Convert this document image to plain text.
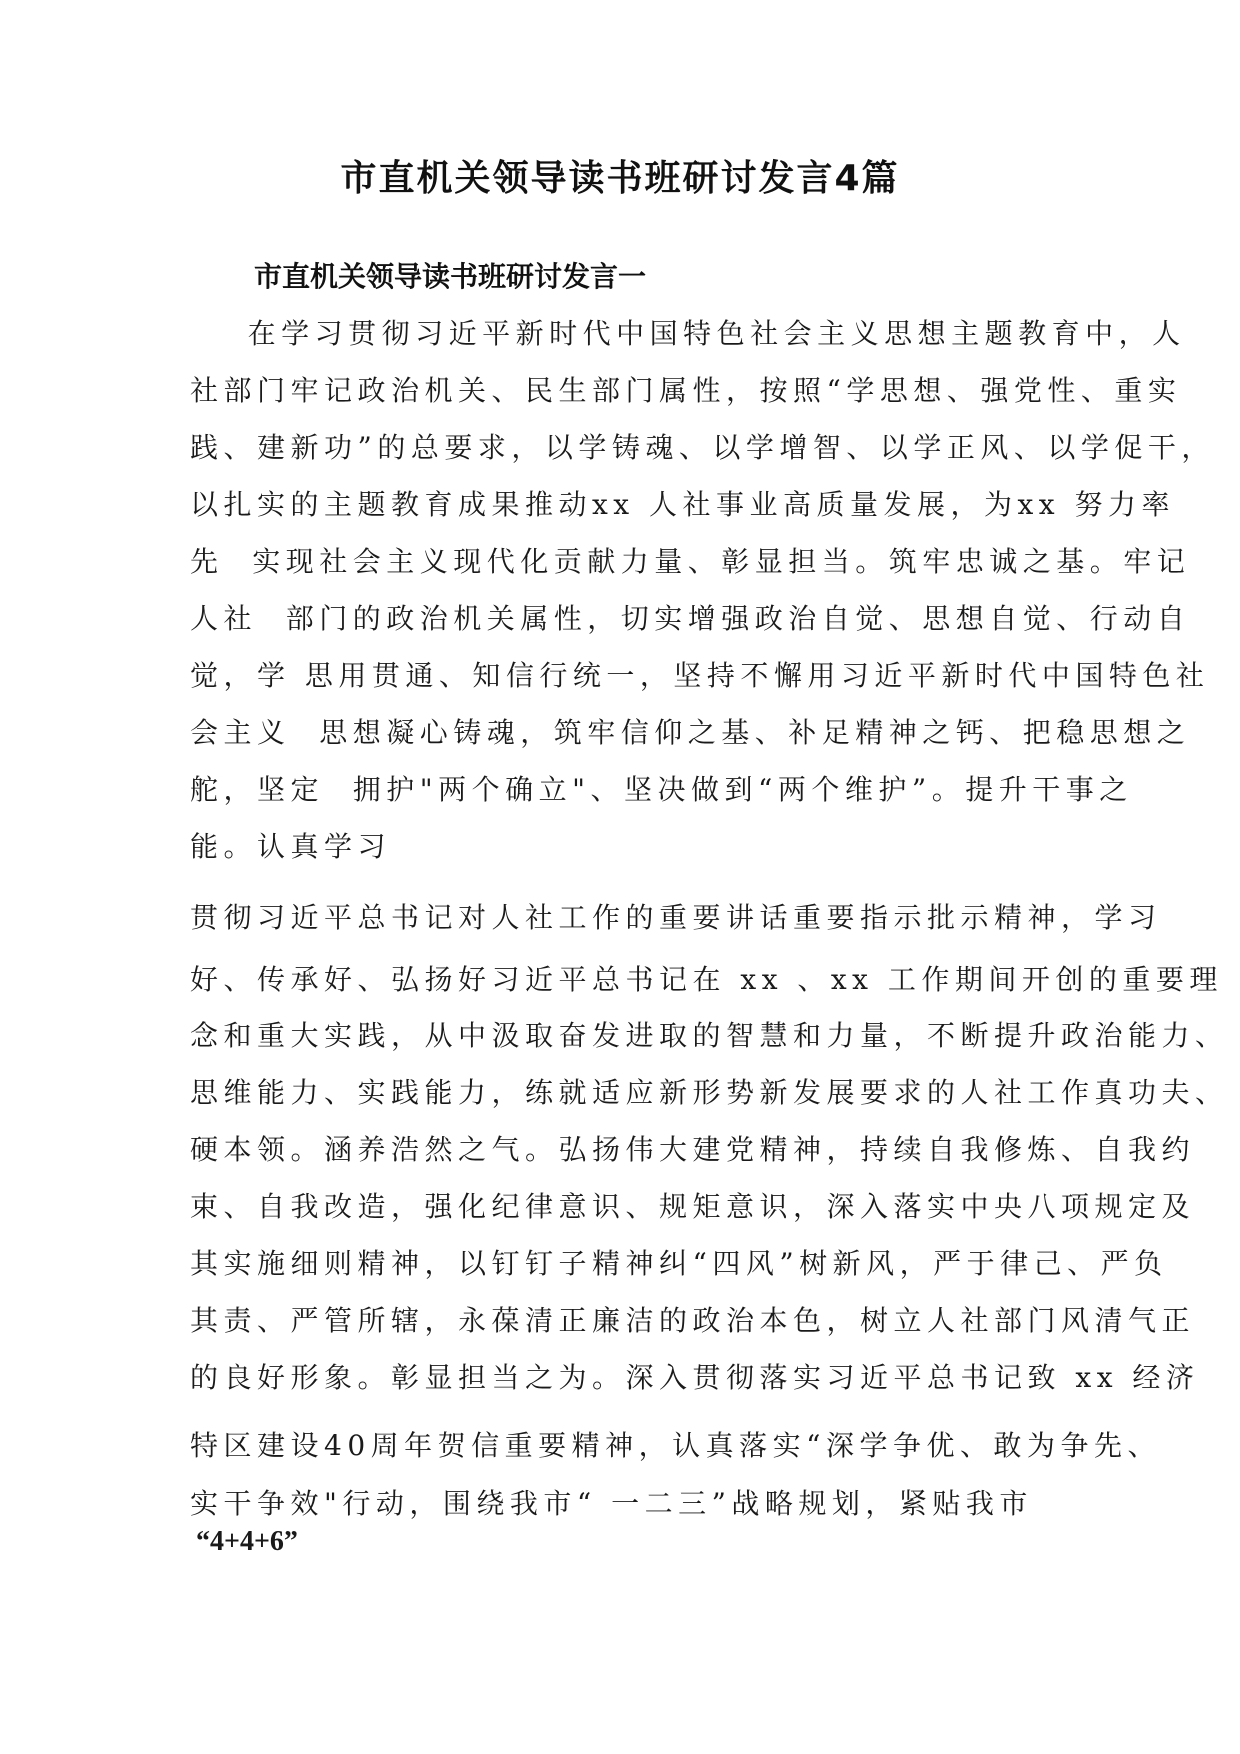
市直机关领导读书班研讨发言4篇
市直机关领导读书班研讨发言一
在学习贯彻习近平新时代中国特色社会主义思想主题教育中，人
社部门牢记政治机关、民生部门属性，按照“学思想、强党性、重实
践、建新功”的总要求，以学铸魂、以学增智、以学正风、以学促干，
以扎实的主题教育成果推动xx 人社事业高质量发展，为xx 努力率
先  实现社会主义现代化贡献力量、彰显担当。筑牢忠诚之基。牢记
人社  部门的政治机关属性，切实增强政治自觉、思想自觉、行动自
觉，学 思用贯通、知信行统一，坚持不懈用习近平新时代中国特色社
会主义  思想凝心铸魂，筑牢信仰之基、补足精神之钙、把稳思想之
舵，坚定  拥护"两个确立"、坚决做到“两个维护”。提升干事之
能。认真学习
贯彻习近平总书记对人社工作的重要讲话重要指示批示精神，学习
好、传承好、弘扬好习近平总书记在 xx 、xx 工作期间开创的重要理
念和重大实践，从中汲取奋发进取的智慧和力量，不断提升政治能力、
思维能力、实践能力，练就适应新形势新发展要求的人社工作真功夫、
硬本领。涵养浩然之气。弘扬伟大建党精神，持续自我修炼、自我约
束、自我改造，强化纪律意识、规矩意识，深入落实中央八项规定及
其实施细则精神，以钉钉子精神纠“四风”树新风，严于律己、严负
其责、严管所辖，永葆清正廉洁的政治本色，树立人社部门风清气正
的良好形象。彰显担当之为。深入贯彻落实习近平总书记致 xx 经济
特区建设40周年贺信重要精神，认真落实“深学争优、敢为争先、
实干争效"行动，围绕我市“ 一二三”战略规划，紧贴我市
“4+4+6”
